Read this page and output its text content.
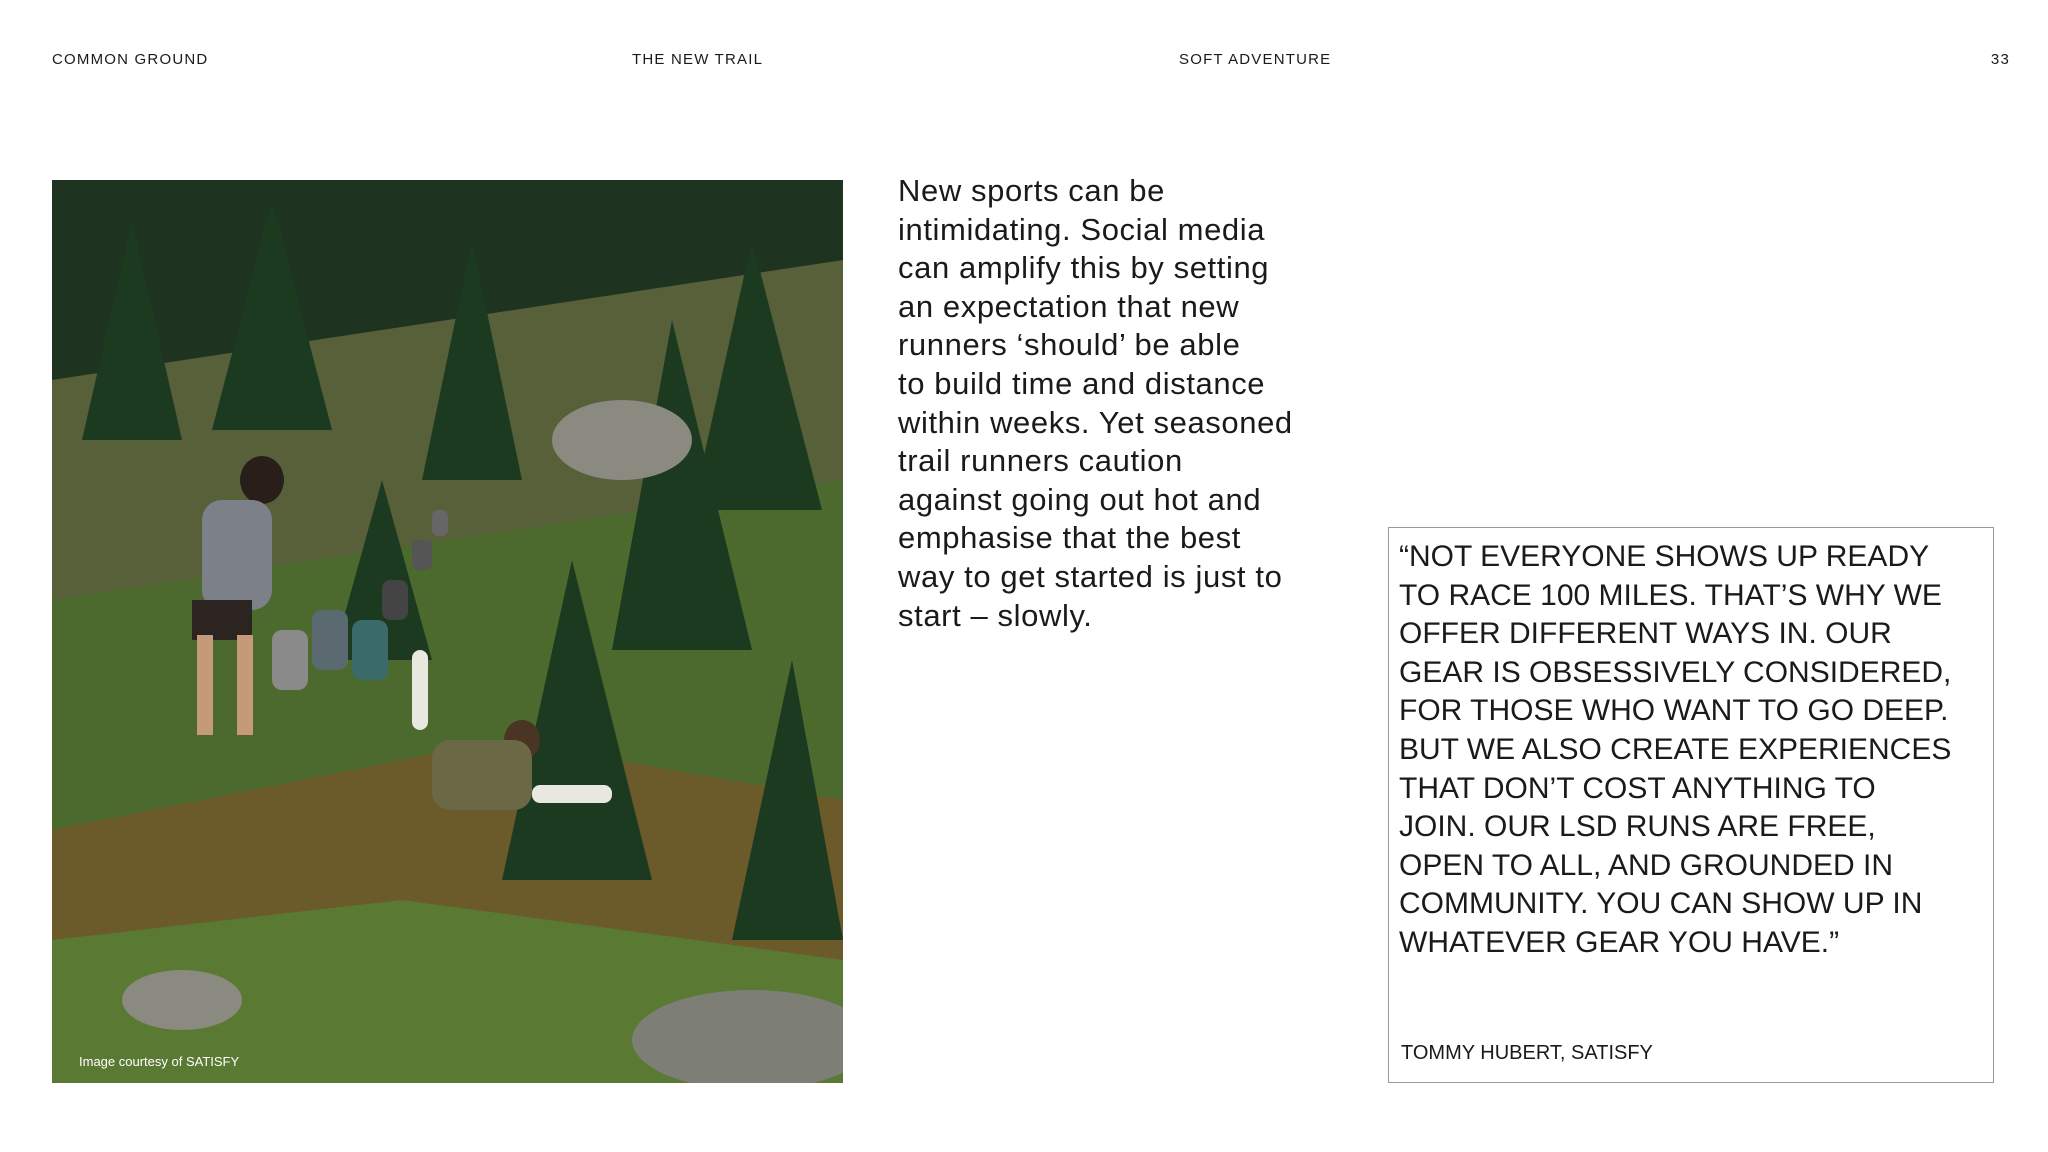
COMMON GROUND	THE NEW TRAIL	SOFT ADVENTURE	33
Image courtesy of SATISFY
New sports can be
intimidating. Social media
can amplify this by setting
an expectation that new
runners ‘should’ be able
to build time and distance
within weeks. Yet seasoned
trail runners caution
against going out hot and
emphasise that the best
way to get started is just to
start – slowly.
“NOT EVERYONE SHOWS UP READY
TO RACE 100 MILES. THAT’S WHY WE
OFFER DIFFERENT WAYS IN. OUR
GEAR IS OBSESSIVELY CONSIDERED,
FOR THOSE WHO WANT TO GO DEEP.
BUT WE ALSO CREATE EXPERIENCES
THAT DON’T COST ANYTHING TO
JOIN. OUR LSD RUNS ARE FREE,
OPEN TO ALL, AND GROUNDED IN
COMMUNITY. YOU CAN SHOW UP IN
WHATEVER GEAR YOU HAVE.”
TOMMY HUBERT, SATISFY
